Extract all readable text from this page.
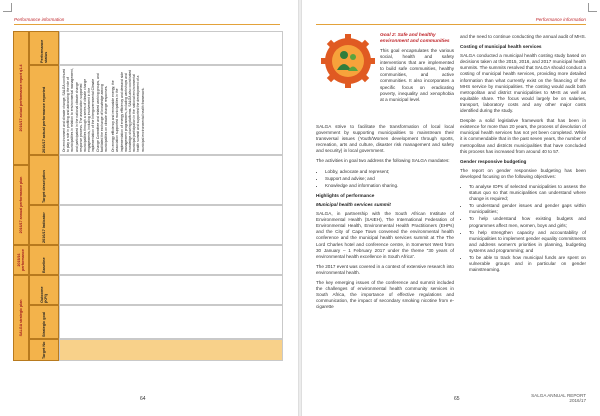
Performance information
SALGA strategic plan
2015/16 performance
2016/17 annual performance plan
2016/17 actual performance report q1-4
Target No
Strategic goal
Outcome (KPI)
Baseline
2016/17 Indicator
Target description
2016/17 actual performance reported
Performance status
On environment and climate change, SALGA continued to play a role in profiling and advancing the role of municipalities in relation to environmental management, and participated in the national climate change response process. The association supported municipalities through a series of climate change engagements, including involvement in the implementation of the Intergovernmental Climate Change Committee and related working groups, and facilitated the exchange of knowledge among municipalities on climate change responses. On energy efficiency and renewable energy, the association supported municipalities in the implementation of energy efficiency and demand side management programmes, including workshops and knowledge-sharing platforms. SALGA also coordinated municipal participation in the national environmental health summit and supported the development of a municipal environmental health framework.
64
Performance information
Goal 2: Safe and healthy environment and communities

This goal encapsulates the various social, health and safety interventions that are implemented to build safe communities, healthy communities, and active communities. It also incorporates a specific focus on eradicating poverty, inequality and xenophobia at a municipal level.

SALGA strive to facilitate the transformation of local local government by supporting municipalities to mainstream their transversal issues (Youth/Women development through sports, recreation, arts and culture, disaster risk management and safety and security) in local government.

The activities in goal two address the following SALGA mandates:

• Lobby, advocate and represent;
• Support and advise; and
• Knowledge and information sharing.
Highlights of performance
Municipal health services summit

SALGA, in partnership with the South African Institute of Environmental Health (SAIEH), The International Federation of Environmental Health, Environmental Health Practitioners (EHPs) and the City of Cape Town convened the environmental health conference and the municipal health services summit at The The Lord Charles hotel and conference centre, in Somerset West from 30 January – 1 February 2017 under the theme “30 years of environmental health excellence in South Africa”.

The 2017 event was covered in a context of extensive research into environmental health.

The key emerging issues of the conference and summit included the challenges of environmental health community services in South Africa, the importance of effective regulations and communication, the impact of secondary smoking nicotine from e-cigarette

and the need to continue conducting the annual audit of MHS.

Costing of municipal health services

SALGA conducted a municipal health costing study based on decisions taken at the 2015, 2016, and 2017 municipal health summits. The summits resolved that SALGA should conduct a costing of municipal health services, providing more detailed information than what currently exist on the financing of the MHS service by municipalities. The costing would audit both metropolitan and district municipalities to MHS as well as equitable share. The focus would largely be on salaries, transport, laboratory costs and any other major costs identified during the study.

Despite a solid legislative framework that has been in existence for more than 20 years, the process of devolution of municipal health services has not yet been completed. While it is commendable that in the past seven years, the number of metropolitan and districts municipalities that have concluded this process has increased from around 40 to 57.

Gender responsive budgeting

The report on gender responsive budgeting has been developed focusing on the following objectives:

• To analyse IDPs of selected municipalities to assess the status quo so that municipalities can understand where change is required;
• To understand gender issues and gender gaps within municipalities;
• To help understand how existing budgets and programmes affect men, women, boys and girls;
• To help strengthen capacity and accountability of municipalities to implement gender equality commitments and address women's priorities in planning, budgeting systems and programming; and
• To be able to track how municipal funds are spent on vulnerable groups and in particular on gender mainstreaming.
65
SALGA ANNUAL REPORT
2016/17
